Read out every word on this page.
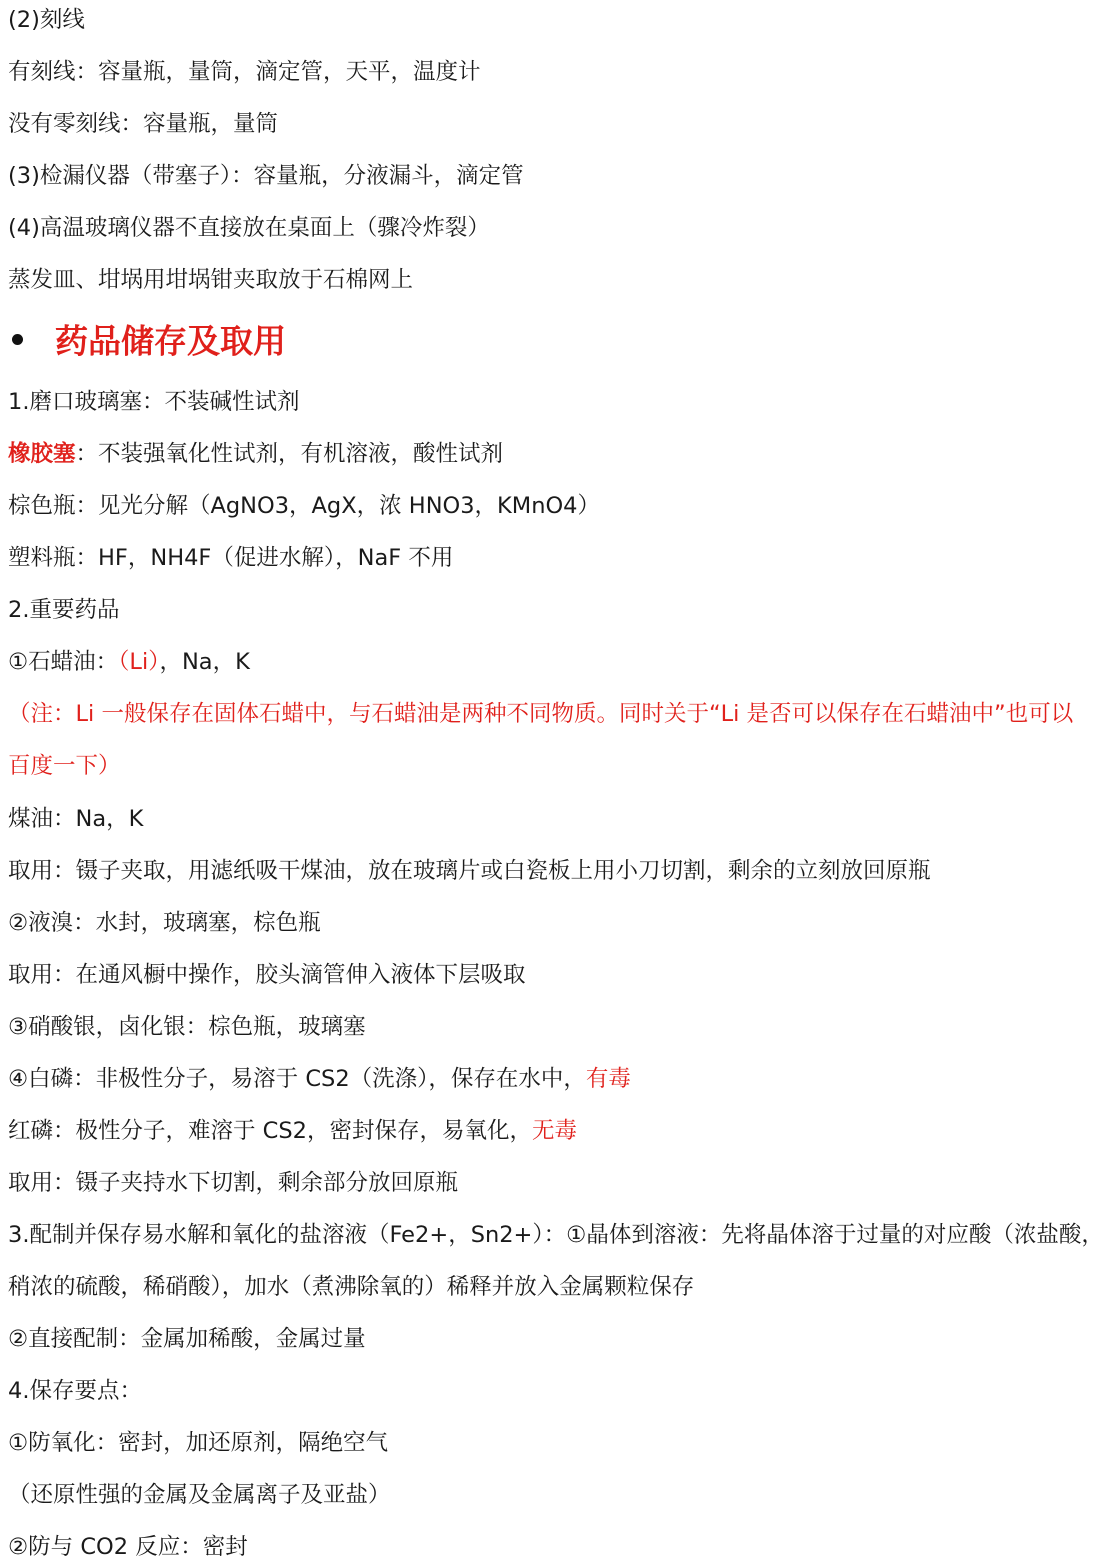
(2)刻线
有刻线：容量瓶，量筒，滴定管，天平，温度计
没有零刻线：容量瓶，量筒
(3)检漏仪器（带塞子）：容量瓶，分液漏斗，滴定管
(4)高温玻璃仪器不直接放在桌面上（骤冷炸裂）
蒸发皿、坩埚用坩埚钳夹取放于石棉网上
药品储存及取用
1.磨口玻璃塞：不装碱性试剂
橡胶塞：不装强氧化性试剂，有机溶液，酸性试剂
棕色瓶：见光分解（AgNO3，AgX，浓 HNO3，KMnO4）
塑料瓶：HF，NH4F（促进水解），NaF 不用
2.重要药品
①石蜡油：（Li），Na，K
（注：Li 一般保存在固体石蜡中，与石蜡油是两种不同物质。同时关于“Li 是否可以保存在石蜡油中”也可以
百度一下）
煤油：Na，K
取用：镊子夹取，用滤纸吸干煤油，放在玻璃片或白瓷板上用小刀切割，剩余的立刻放回原瓶
②液溴：水封，玻璃塞，棕色瓶
取用：在通风橱中操作，胶头滴管伸入液体下层吸取
③硝酸银，卤化银：棕色瓶，玻璃塞
④白磷：非极性分子，易溶于 CS2（洗涤），保存在水中，有毒
红磷：极性分子，难溶于 CS2，密封保存，易氧化，无毒
取用：镊子夹持水下切割，剩余部分放回原瓶
3.配制并保存易水解和氧化的盐溶液（Fe2+，Sn2+）：①晶体到溶液：先将晶体溶于过量的对应酸（浓盐酸，
稍浓的硫酸，稀硝酸），加水（煮沸除氧的）稀释并放入金属颗粒保存
②直接配制：金属加稀酸，金属过量
4.保存要点：
①防氧化：密封，加还原剂，隔绝空气
（还原性强的金属及金属离子及亚盐）
②防与 CO2 反应：密封
